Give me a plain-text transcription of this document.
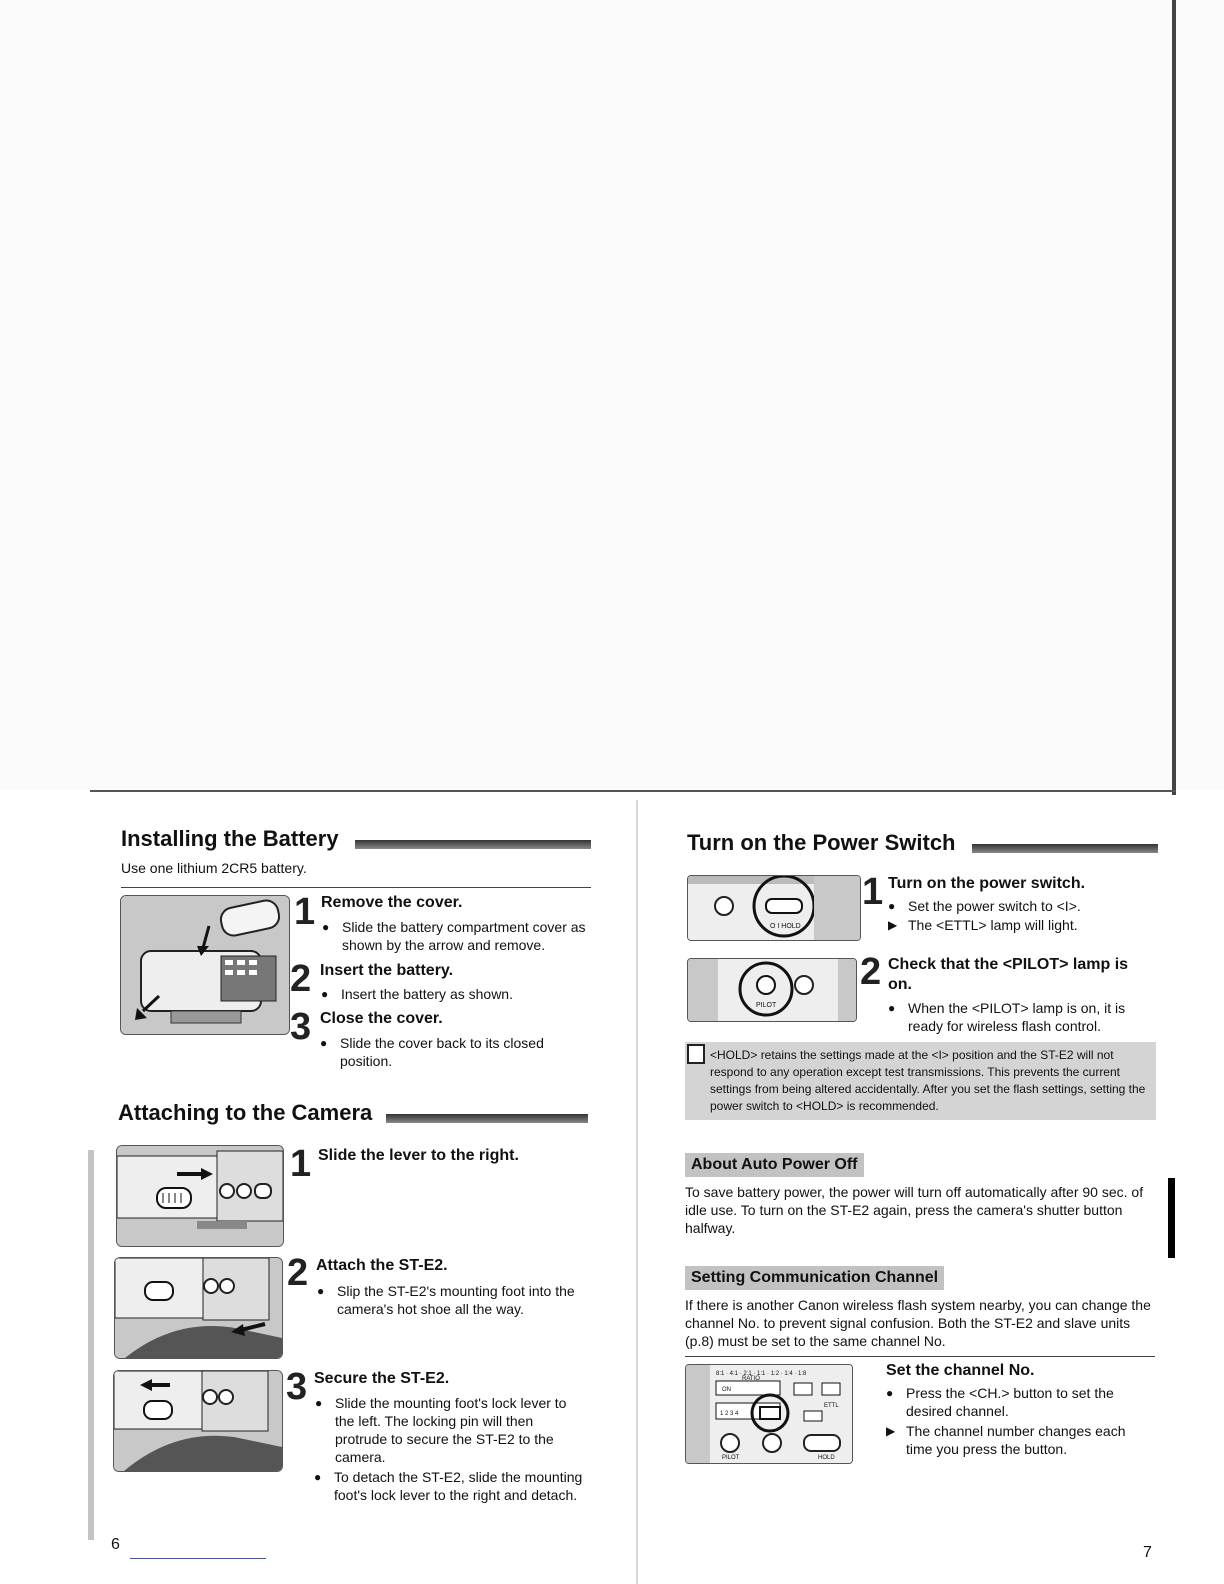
Installing the Battery
Use one lithium 2CR5 battery.
1 Remove the cover.
● Slide the battery compartment cover as shown by the arrow and remove.
2 Insert the battery.
● Insert the battery as shown.
3 Close the cover.
● Slide the cover back to its closed position.
Attaching to the Camera
1 Slide the lever to the right.
2 Attach the ST-E2.
● Slip the ST-E2's mounting foot into the camera's hot shoe all the way.
3 Secure the ST-E2.
● Slide the mounting foot's lock lever to the left. The locking pin will then protrude to secure the ST-E2 to the camera.
● To detach the ST-E2, slide the mounting foot's lock lever to the right and detach.
6
Turn on the Power Switch
O I HOLD
1 Turn on the power switch.
● Set the power switch to <I>.
▶ The <ETTL> lamp will light.
PILOT
2 Check that the <PILOT> lamp is on.
● When the <PILOT> lamp is on, it is ready for wireless flash control.
<HOLD> retains the settings made at the <I> position and the ST-E2 will not respond to any operation except test transmissions. This prevents the current settings from being altered accidentally. After you set the flash settings, setting the power switch to <HOLD> is recommended.
About Auto Power Off
To save battery power, the power will turn off automatically after 90 sec. of idle use. To turn on the ST-E2 again, press the camera's shutter button halfway.
Setting Communication Channel
If there is another Canon wireless flash system nearby, you can change the channel No. to prevent signal confusion. Both the ST-E2 and slave units (p.8) must be set to the same channel No.
8:1 · 4:1 · 2:1 · 1:1 · 1:2 · 1:4 · 1:8
RATIO
ON
1 2 3 4
ETTL
PILOT	HOLD
Set the channel No.
● Press the <CH.> button to set the desired channel.
▶ The channel number changes each time you press the button.
7
